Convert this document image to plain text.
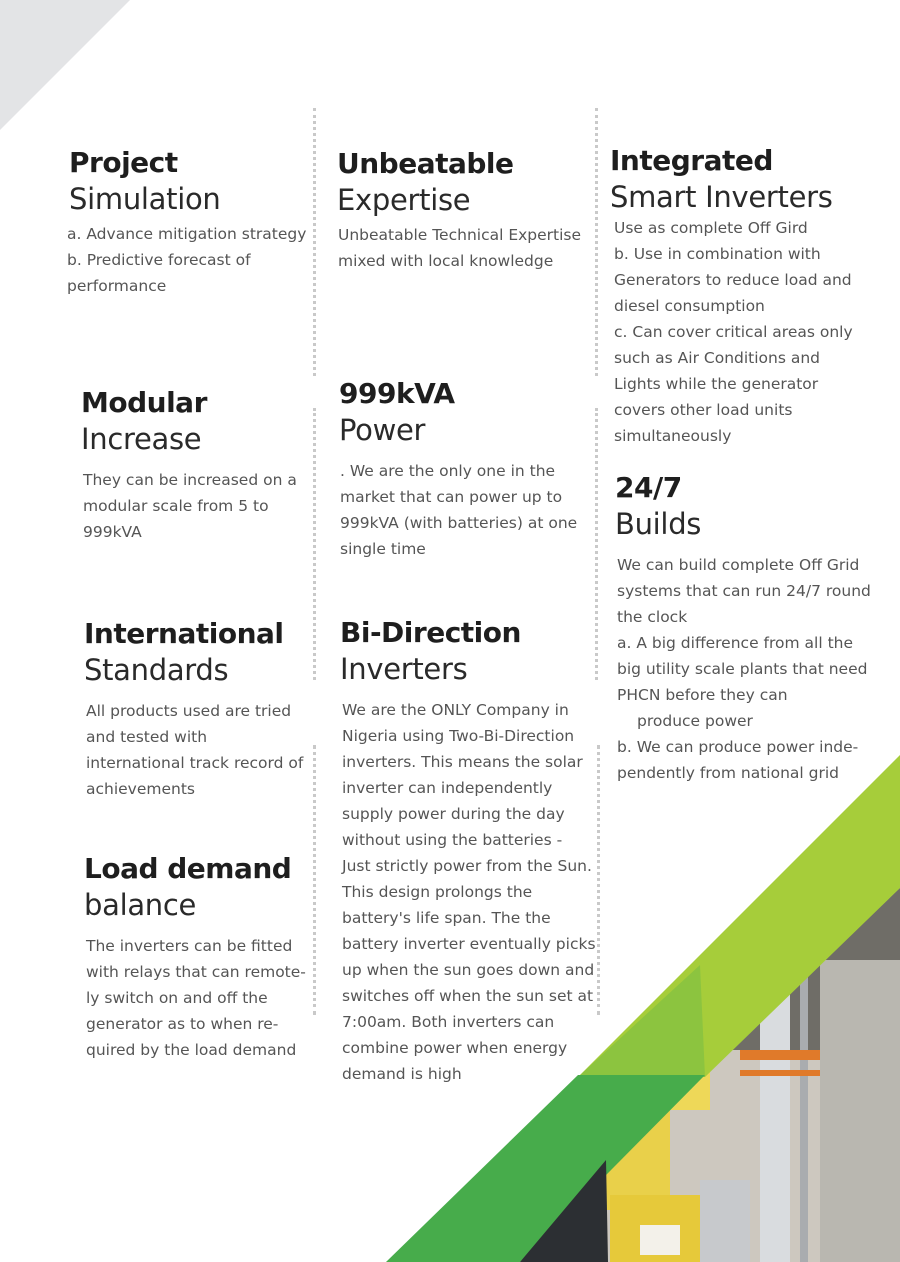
Project
Simulation
a. Advance mitigation strategy
b. Predictive forecast of
performance
Modular
Increase
They can be increased on a
modular scale from 5 to
999kVA
International
Standards
All products used are tried
and tested with
international track record of
achievements
Load demand
balance
The inverters can be fitted
with relays that can remote-
ly switch on and off the
generator as to when re-
quired by the load demand
Unbeatable
Expertise
Unbeatable Technical Expertise
mixed with local knowledge
999kVA
Power
. We are the only one in the
market that can power up to
999kVA (with batteries) at one
single time
Bi-Direction
Inverters
We are the ONLY Company in
Nigeria using Two-Bi-Direction
inverters. This means the solar
inverter can independently
supply power during the day
without using the batteries -
Just strictly power from the Sun.
This design prolongs the
battery's life span. The the
battery inverter eventually picks
up when the sun goes down and
switches off when the sun set at
7:00am. Both inverters can
combine power when energy
demand is high
Integrated
Smart Inverters
Use as complete Off Gird
b. Use in combination with
Generators to reduce load and
diesel consumption
c. Can cover critical areas only
such as Air Conditions and
Lights while the generator
covers other load units
simultaneously
24/7
Builds
We can build complete Off Grid
systems that can run 24/7 round
the clock
a. A big difference from all the
big utility scale plants that need
PHCN before they can
produce power
b. We can produce power inde-
pendently from national grid
